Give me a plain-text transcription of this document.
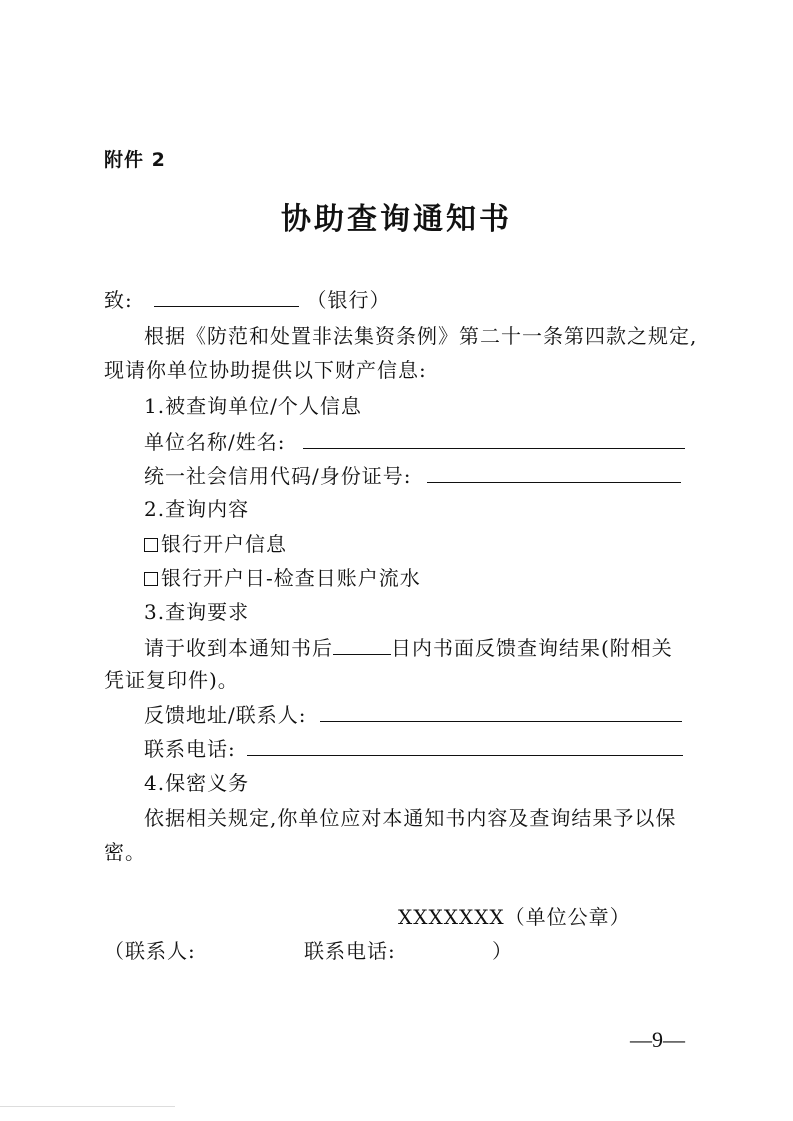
附件 2
协助查询通知书
致:	（银行）
根据《防范和处置非法集资条例》第二十一条第四款之规定,
现请你单位协助提供以下财产信息:
1.被查询单位/个人信息
单位名称/姓名:
统一社会信用代码/身份证号:
2.查询内容
银行开户信息
银行开户日-检查日账户流水
3.查询要求
请于收到本通知书后	日内书面反馈查询结果(附相关
凭证复印件)。
反馈地址/联系人:
联系电话:
4.保密义务
依据相关规定,你单位应对本通知书内容及查询结果予以保
密。
XXXXXXX（单位公章）
（联系人:	联系电话:	）
—9—
